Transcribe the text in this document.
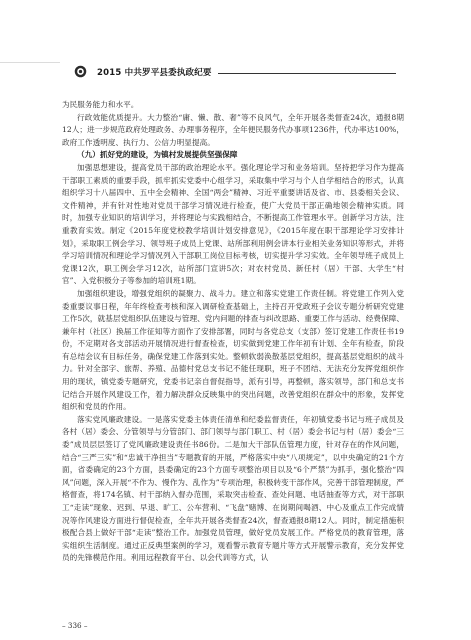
2015 中共罗平县委执政纪要

为民服务能力和水平。

行政效能优质提升。大力整治“庸、懒、散、奢”等不良风气，全年开展各类督查24次，通报8期12人；进一步规范政府处理政务、办理事务程序，全年便民服务代办事项1236件，代办率达100%，政府工作透明度、执行力、公信力明显提高。

（九）抓好党的建设，为镇村发展提供坚强保障

加强思想建设，提高党员干部的政治理论水平。强化理论学习和业务培训。坚持把学习作为提高干部职工素质的重要手段，抓牢抓实党委中心组学习，采取集中学习与个人自学相结合的形式，认真组织学习十八届四中、五中全会精神、全国“两会”精神、习近平重要讲话及省、市、县委相关会议、文件精神，并有针对性地对党员干部学习情况进行检查，使广大党员干部正确地领会精神实质。同时，加强专业知识的培训学习，并将理论与实践相结合，不断提高工作管理水平。创新学习方法，注重教育实效。制定《2015年度党校教学培训计划安排意见》，《2015年度在职干部理论学习安排计划》，采取职工例会学习、领导班子成员上党课、站所部利用例会讲本行业相关业务知识等形式，并将学习培训情况和理论学习情况列入干部职工岗位目标考核，切实提升学习实效。全年领导班子成员上党课12次，职工例会学习12次，站所部门宣讲5次；对农村党员、新任村（居）干部、大学生“村官”、入党积极分子等参加的培训班1期。

加强组织建设，增强党组织的凝聚力、战斗力。建立和落实党建工作责任制。将党建工作列入党委重要议事日程，年年终检查考核和深入调研检查基础上，主持召开党政班子会议专题分析研究党建工作5次，就基层党组织队伍建设与管理、党内问题的排查与纠改思路、重要工作与活动、经费保障、兼年村（社区）换届工作征知等方面作了安排部署，同时与各党总支（支部）签订党建工作责任书19份，不定期对各支部活动开展情况进行督查检查，切实做到党建工作年初有计划、全年有检查，阶段有总结会议有目标任务，确保党建工作落到实处。整顿软弱涣散基层党组织，提高基层党组织的战斗力。针对全部字、旅帮、养殖、品德村党总支书记不能任现职，班子不团结、无法充分发挥党组织作用的现状，镇党委专题研究，党委书记亲自督促指导，派有引导，再整顿，落实领导，部门和总支书记结合开展作风建设工作，着力解决群众反映集中的突出问题，改善党组织在群众中的形象，发挥党组织和党员的作用。

落实党风廉政建设。一是落实党委主体责任清单和纪委监督责任，年初镇党委书记与班子成员及各村（居）委会、分管领导与分管部门、部门领导与部门职工、村（居）委会书记与村（居）委会“三委”成员层层签订了党风廉政建设责任书86份。二是加大干部队伍管理力度，针对存在的作风问题，结合“三严三实”和“忠诚干净担当”专题教育的开展，严格落实中央“八项规定”，以中央确定的21个方面，省委确定的23个方面，县委确定的23个方面专项整治项目以及“6个严禁”为抓手，强化整治“四风”问题，深入开展“不作为、慢作为、乱作为”专项治理，积极转变干部作风，完善干部管理制度，严格督查，将174名镇、村干部纳入督办范围，采取突击检查、查处问题、电话抽查等方式，对干部职工“走读”现象、迟到、早退、旷工、公车营利、“飞盘”赌博、在岗期间喝酒、中心及重点工作完成情况等作风建设方面进行督促检查，全年共开展各类督查24次，督查通报8期12人。同时，制定措施积极配合县上做好干部“走读”整治工作。加强党员管理，做好党员发展工作。严格党员的教育管理，落实组织生活制度。通过正反典型案例的学习，观看警示教育专题片等方式开展警示教育，充分发挥党员的先锋模范作用。利用远程教育平台、以会代训等方式，认

– 336 –
